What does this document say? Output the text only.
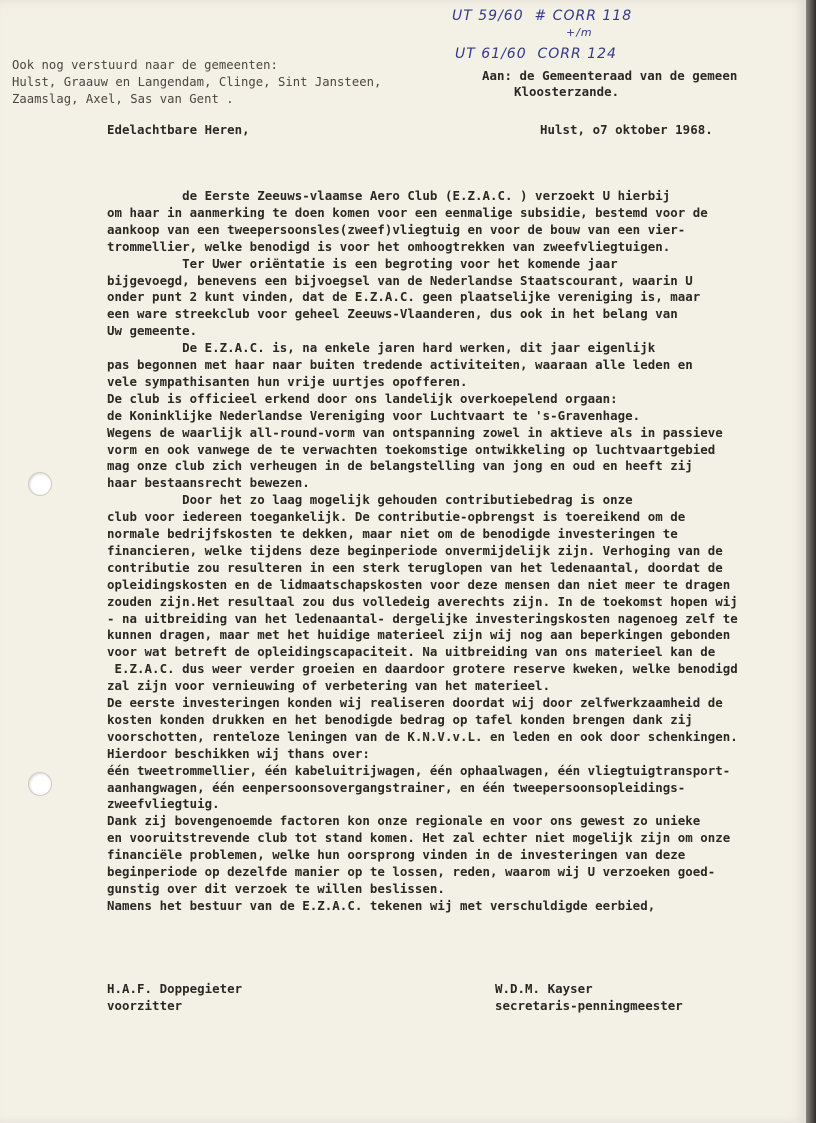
UT 59/60  # CORR 118
+/m
UT 61/60  CORR 124
Ook nog verstuurd naar de gemeenten:
Hulst, Graauw en Langendam, Clinge, Sint Jansteen,
Zaamslag, Axel, Sas van Gent .
Aan: de Gemeenteraad van de gemeen
Kloosterzande.
Edelachtbare Heren,	Hulst, o7 oktober 1968.
de Eerste Zeeuws-vlaamse Aero Club (E.Z.A.C. ) verzoekt U hierbij
om haar in aanmerking te doen komen voor een eenmalige subsidie, bestemd voor de
aankoop van een tweepersoonsles(zweef)vliegtuig en voor de bouw van een vier-
trommellier, welke benodigd is voor het omhoogtrekken van zweefvliegtuigen.
Ter Uwer oriëntatie is een begroting voor het komende jaar
bijgevoegd, benevens een bijvoegsel van de Nederlandse Staatscourant, waarin U
onder punt 2 kunt vinden, dat de E.Z.A.C. geen plaatselijke vereniging is, maar
een ware streekclub voor geheel Zeeuws-Vlaanderen, dus ook in het belang van
Uw gemeente.
De E.Z.A.C. is, na enkele jaren hard werken, dit jaar eigenlijk
pas begonnen met haar naar buiten tredende activiteiten, waaraan alle leden en
vele sympathisanten hun vrije uurtjes opofferen.
De club is officieel erkend door ons landelijk overkoepelend orgaan:
de Koninklijke Nederlandse Vereniging voor Luchtvaart te 's-Gravenhage.
Wegens de waarlijk all-round-vorm van ontspanning zowel in aktieve als in passieve
vorm en ook vanwege de te verwachten toekomstige ontwikkeling op luchtvaartgebied
mag onze club zich verheugen in de belangstelling van jong en oud en heeft zij
haar bestaansrecht bewezen.
Door het zo laag mogelijk gehouden contributiebedrag is onze
club voor iedereen toegankelijk. De contributie-opbrengst is toereikend om de
normale bedrijfskosten te dekken, maar niet om de benodigde investeringen te
financieren, welke tijdens deze beginperiode onvermijdelijk zijn. Verhoging van de
contributie zou resulteren in een sterk teruglopen van het ledenaantal, doordat de
opleidingskosten en de lidmaatschapskosten voor deze mensen dan niet meer te dragen
zouden zijn.Het resultaal zou dus volledeig averechts zijn. In de toekomst hopen wij
- na uitbreiding van het ledenaantal- dergelijke investeringskosten nagenoeg zelf te
kunnen dragen, maar met het huidige materieel zijn wij nog aan beperkingen gebonden
voor wat betreft de opleidingscapaciteit. Na uitbreiding van ons materieel kan de
E.Z.A.C. dus weer verder groeien en daardoor grotere reserve kweken, welke benodigd
zal zijn voor vernieuwing of verbetering van het materieel.
De eerste investeringen konden wij realiseren doordat wij door zelfwerkzaamheid de
kosten konden drukken en het benodigde bedrag op tafel konden brengen dank zij
voorschotten, renteloze leningen van de K.N.V.v.L. en leden en ook door schenkingen.
Hierdoor beschikken wij thans over:
één tweetrommellier, één kabeluitrijwagen, één ophaalwagen, één vliegtuigtransport-
aanhangwagen, één eenpersoonsovergangstrainer, en één tweepersoonsopleidings-
zweefvliegtuig.
Dank zij bovengenoemde factoren kon onze regionale en voor ons gewest zo unieke
en vooruitstrevende club tot stand komen. Het zal echter niet mogelijk zijn om onze
financiële problemen, welke hun oorsprong vinden in de investeringen van deze
beginperiode op dezelfde manier op te lossen, reden, waarom wij U verzoeken goed-
gunstig over dit verzoek te willen beslissen.
Namens het bestuur van de E.Z.A.C. tekenen wij met verschuldigde eerbied,
H.A.F. Doppegieter
voorzitter
W.D.M. Kayser
secretaris-penningmeester
